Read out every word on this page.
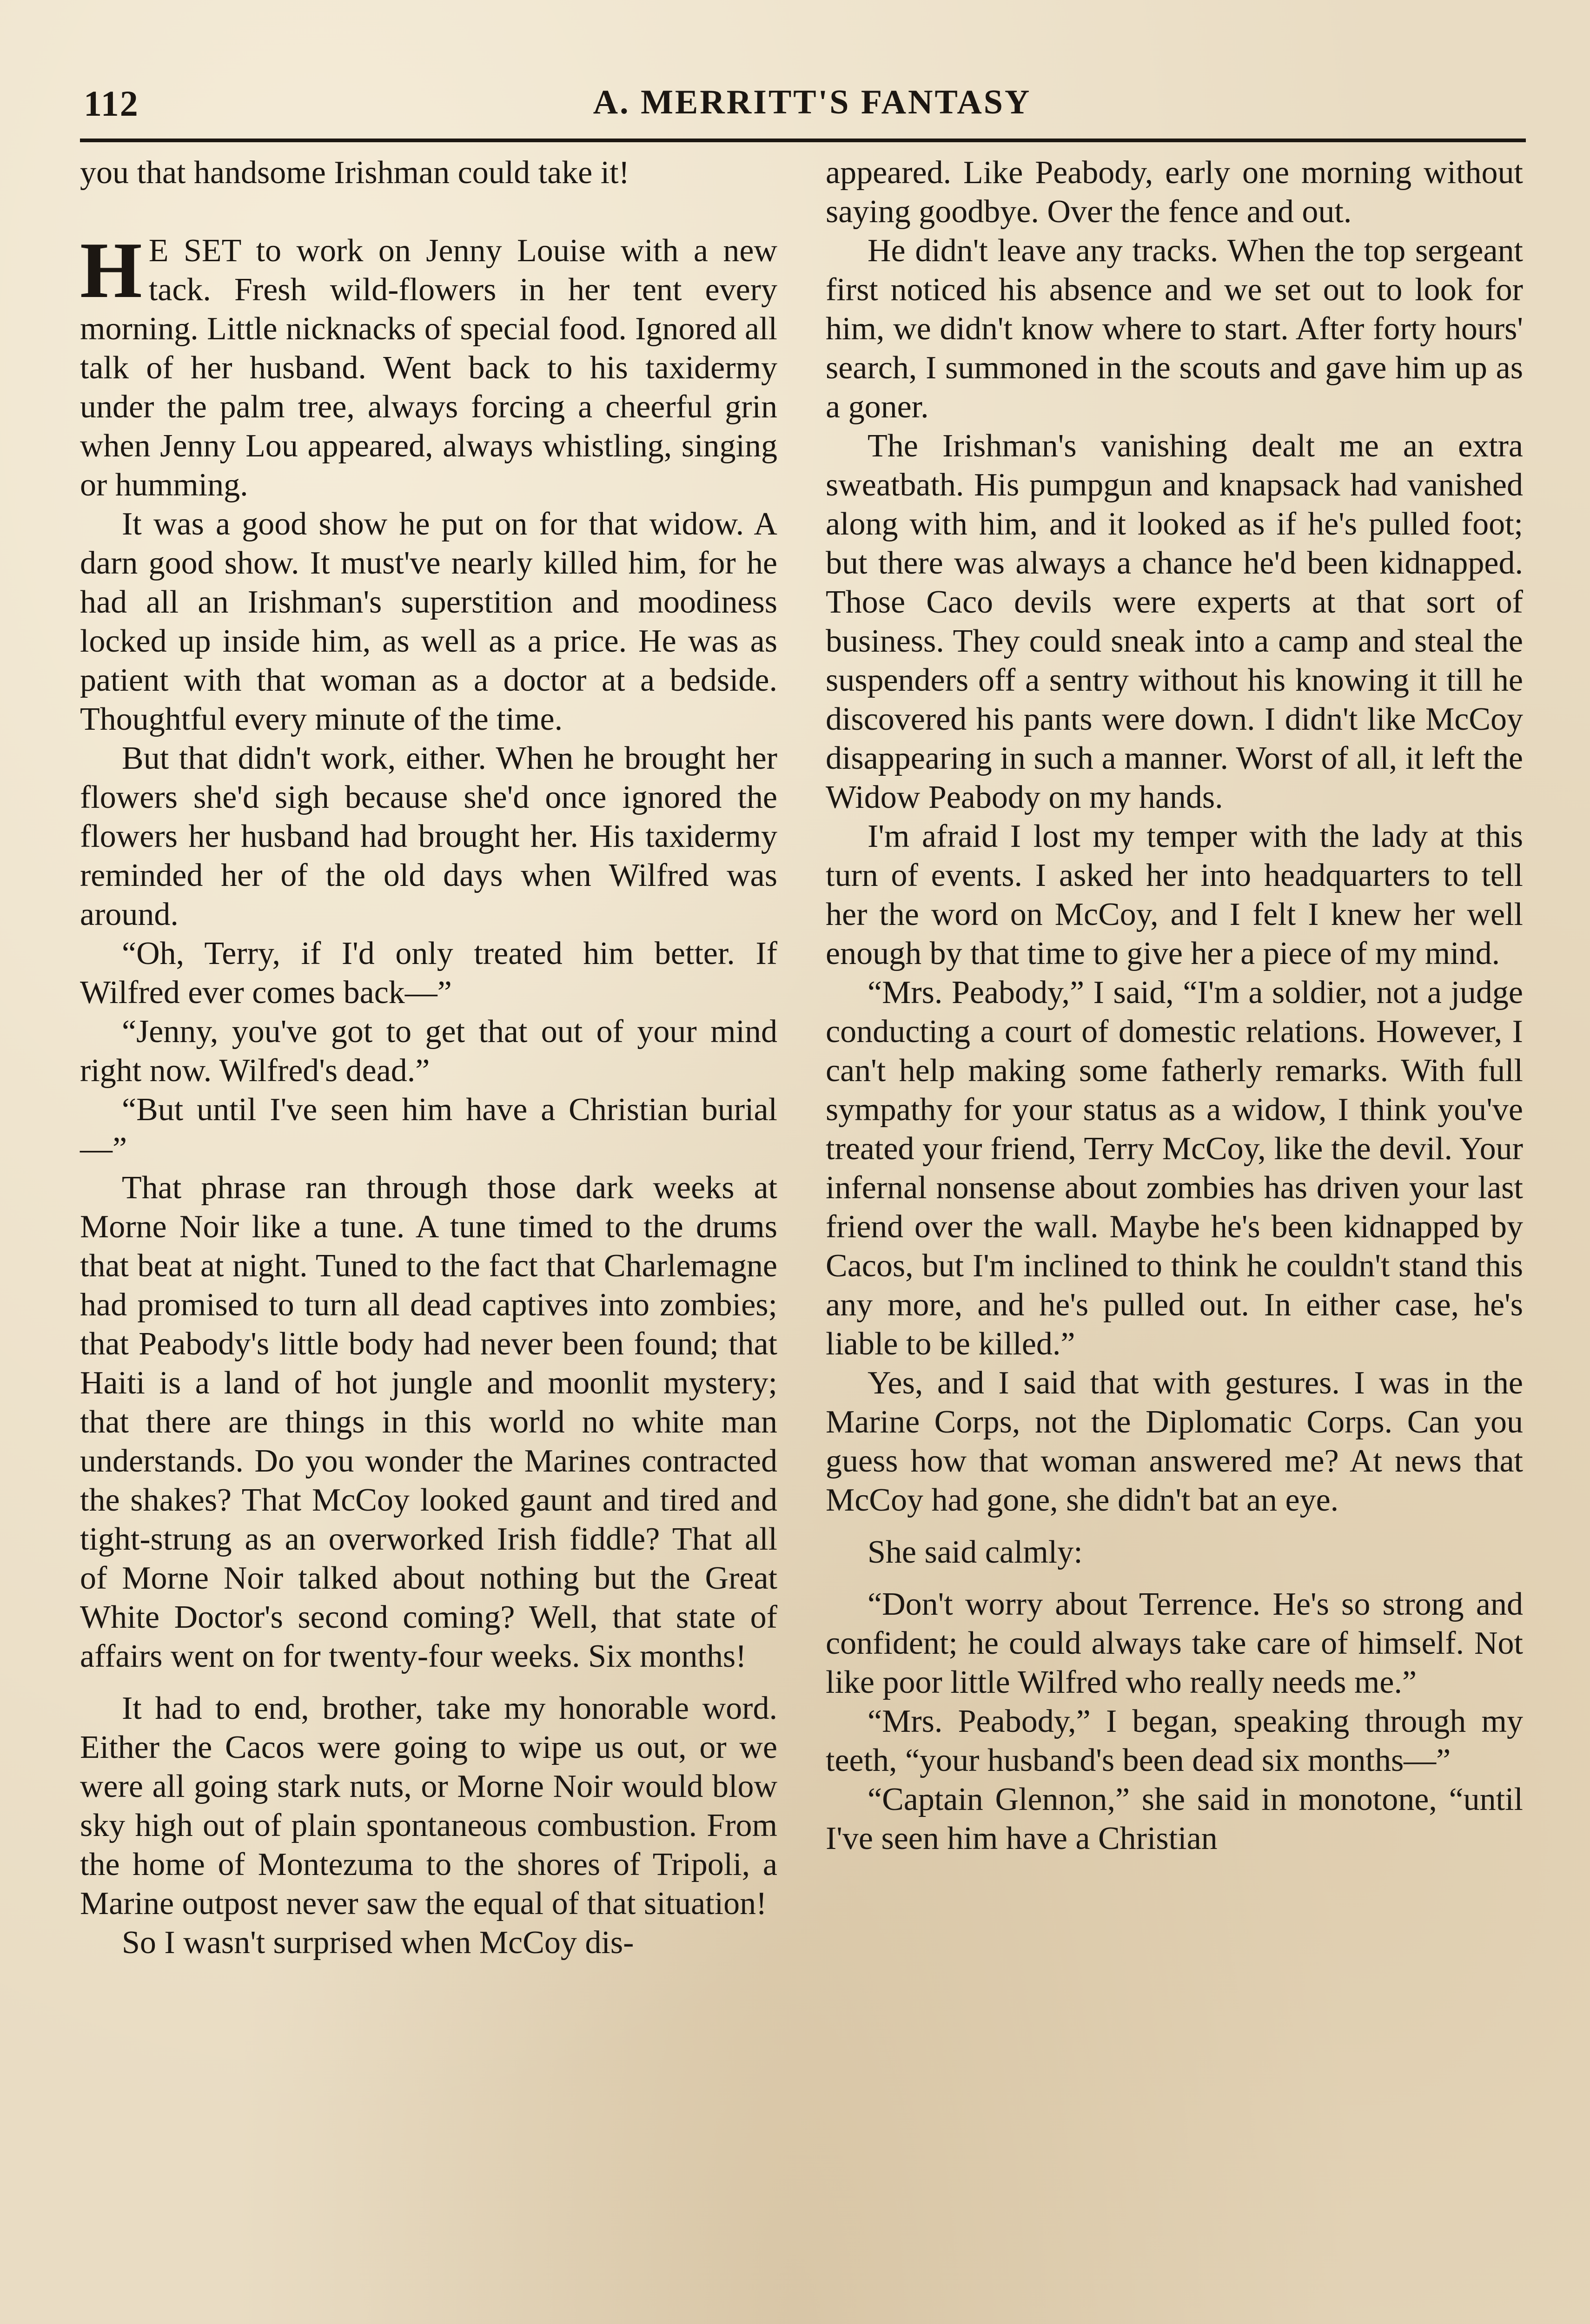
112	A. MERRITT'S FANTASY

you that handsome Irishman could take it!

H E SET to work on Jenny Louise with a new tack. Fresh wild-flowers in her tent every morning. Little nicknacks of special food. Ignored all talk of her husband. Went back to his taxidermy under the palm tree, always forcing a cheerful grin when Jenny Lou appeared, always whistling, singing or humming.

It was a good show he put on for that widow. A darn good show. It must've nearly killed him, for he had all an Irishman's superstition and moodiness locked up inside him, as well as a price. He was as patient with that woman as a doctor at a bedside. Thoughtful every minute of the time.

But that didn't work, either. When he brought her flowers she'd sigh because she'd once ignored the flowers her husband had brought her. His taxidermy reminded her of the old days when Wilfred was around.

“Oh, Terry, if I'd only treated him better. If Wilfred ever comes back—”

“Jenny, you've got to get that out of your mind right now. Wilfred's dead.”

“But until I've seen him have a Christian burial—”

That phrase ran through those dark weeks at Morne Noir like a tune. A tune timed to the drums that beat at night. Tuned to the fact that Charlemagne had promised to turn all dead captives into zombies; that Peabody's little body had never been found; that Haiti is a land of hot jungle and moonlit mystery; that there are things in this world no white man understands. Do you wonder the Marines contracted the shakes? That McCoy looked gaunt and tired and tight-strung as an overworked Irish fiddle? That all of Morne Noir talked about nothing but the Great White Doctor's second coming? Well, that state of affairs went on for twenty-four weeks. Six months!

It had to end, brother, take my honorable word. Either the Cacos were going to wipe us out, or we were all going stark nuts, or Morne Noir would blow sky high out of plain spontaneous combustion. From the home of Montezuma to the shores of Tripoli, a Marine outpost never saw the equal of that situation!

So I wasn't surprised when McCoy dis-

appeared. Like Peabody, early one morning without saying goodbye. Over the fence and out.

He didn't leave any tracks. When the top sergeant first noticed his absence and we set out to look for him, we didn't know where to start. After forty hours' search, I summoned in the scouts and gave him up as a goner.

The Irishman's vanishing dealt me an extra sweatbath. His pumpgun and knapsack had vanished along with him, and it looked as if he's pulled foot; but there was always a chance he'd been kidnapped. Those Caco devils were experts at that sort of business. They could sneak into a camp and steal the suspenders off a sentry without his knowing it till he discovered his pants were down. I didn't like McCoy disappearing in such a manner. Worst of all, it left the Widow Peabody on my hands.

I'm afraid I lost my temper with the lady at this turn of events. I asked her into headquarters to tell her the word on McCoy, and I felt I knew her well enough by that time to give her a piece of my mind.

“Mrs. Peabody,” I said, “I'm a soldier, not a judge conducting a court of domestic relations. However, I can't help making some fatherly remarks. With full sympathy for your status as a widow, I think you've treated your friend, Terry McCoy, like the devil. Your infernal nonsense about zombies has driven your last friend over the wall. Maybe he's been kidnapped by Cacos, but I'm inclined to think he couldn't stand this any more, and he's pulled out. In either case, he's liable to be killed.”

Yes, and I said that with gestures. I was in the Marine Corps, not the Diplomatic Corps. Can you guess how that woman answered me? At news that McCoy had gone, she didn't bat an eye.

She said calmly:

“Don't worry about Terrence. He's so strong and confident; he could always take care of himself. Not like poor little Wilfred who really needs me.”

“Mrs. Peabody,” I began, speaking through my teeth, “your husband's been dead six months—”

“Captain Glennon,” she said in monotone, “until I've seen him have a Christian
